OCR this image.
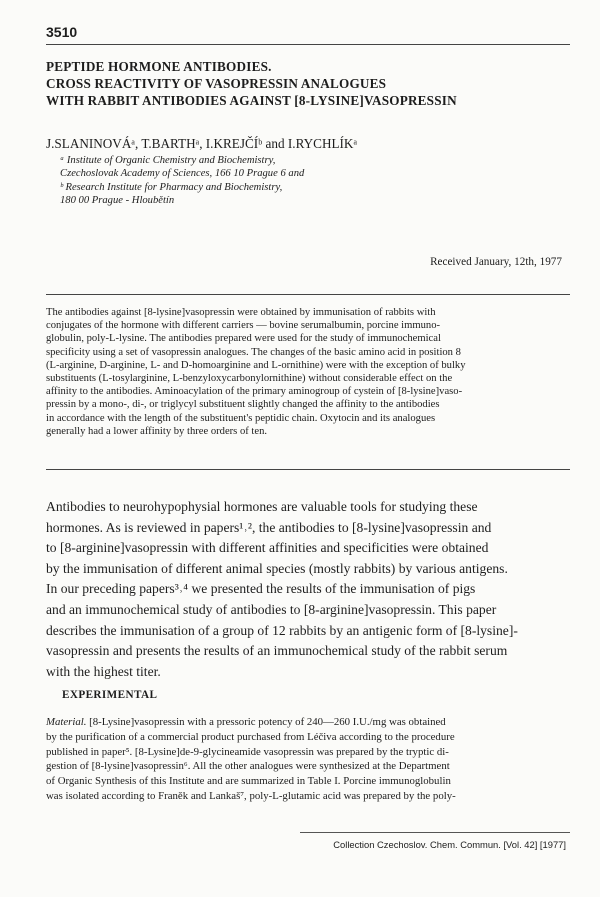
3510
PEPTIDE HORMONE ANTIBODIES.
CROSS REACTIVITY OF VASOPRESSIN ANALOGUES
WITH RABBIT ANTIBODIES AGAINST [8-LYSINE]VASOPRESSIN
J.SLANINOVÁᵃ, T.BARTHᵃ, I.KREJČÍᵇ and I.RYCHLÍKᵃ
ᵃ Institute of Organic Chemistry and Biochemistry,
Czechoslovak Academy of Sciences, 166 10 Prague 6 and
ᵇ Research Institute for Pharmacy and Biochemistry,
180 00 Prague - Hloubětín
Received January, 12th, 1977
The antibodies against [8-lysine]vasopressin were obtained by immunisation of rabbits with
conjugates of the hormone with different carriers — bovine serumalbumin, porcine immuno-
globulin, poly-L-lysine. The antibodies prepared were used for the study of immunochemical
specificity using a set of vasopressin analogues. The changes of the basic amino acid in position 8
(L-arginine, D-arginine, L- and D-homoarginine and L-ornithine) were with the exception of bulky
substituents (L-tosylarginine, L-benzyloxycarbonylornithine) without considerable effect on the
affinity to the antibodies. Aminoacylation of the primary aminogroup of cystein of [8-lysine]vaso-
pressin by a mono-, di-, or triglycyl substituent slightly changed the affinity to the antibodies
in accordance with the length of the substituent's peptidic chain. Oxytocin and its analogues
generally had a lower affinity by three orders of ten.
Antibodies to neurohypophysial hormones are valuable tools for studying these
hormones. As is reviewed in papers¹˒², the antibodies to [8-lysine]vasopressin and
to [8-arginine]vasopressin with different affinities and specificities were obtained
by the immunisation of different animal species (mostly rabbits) by various antigens.
In our preceding papers³˒⁴ we presented the results of the immunisation of pigs
and an immunochemical study of antibodies to [8-arginine]vasopressin. This paper
describes the immunisation of a group of 12 rabbits by an antigenic form of [8-lysine]-
vasopressin and presents the results of an immunochemical study of the rabbit serum
with the highest titer.
EXPERIMENTAL
Material. [8-Lysine]vasopressin with a pressoric potency of 240—260 I.U./mg was obtained
by the purification of a commercial product purchased from Léčiva according to the procedure
published in paper⁵. [8-Lysine]de-9-glycineamide vasopressin was prepared by the tryptic di-
gestion of [8-lysine]vasopressin⁶. All the other analogues were synthesized at the Department
of Organic Synthesis of this Institute and are summarized in Table I. Porcine immunoglobulin
was isolated according to Franěk and Lankaš⁷, poly-L-glutamic acid was prepared by the poly-
Collection Czechoslov. Chem. Commun. [Vol. 42] [1977]
